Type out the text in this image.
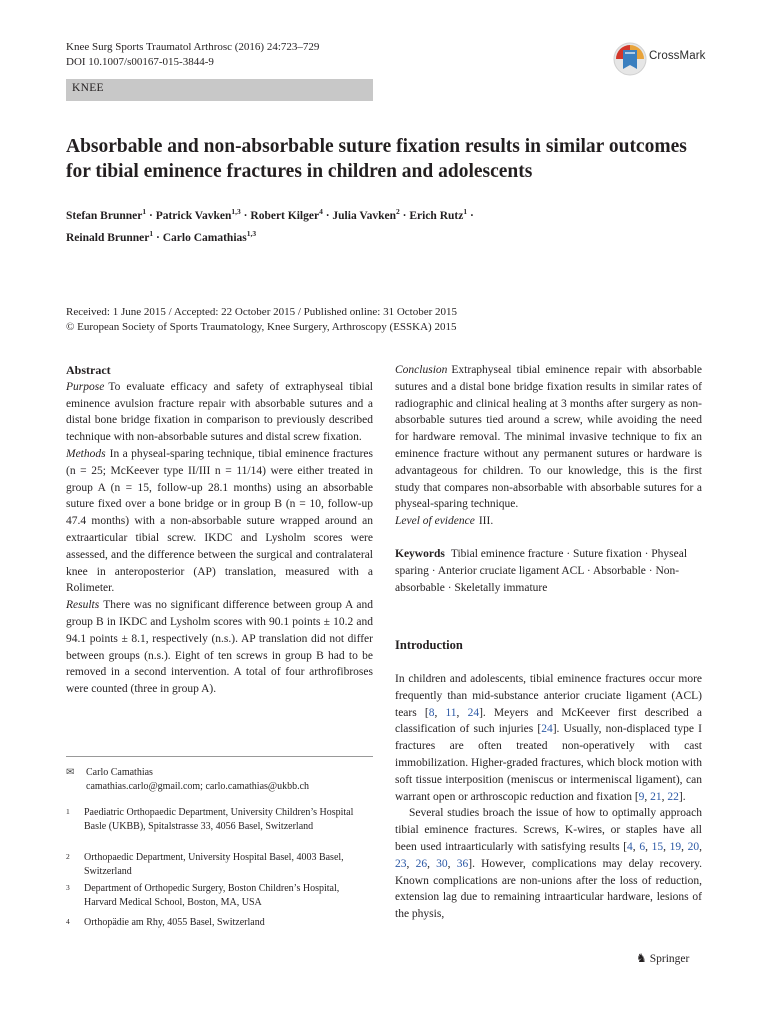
Knee Surg Sports Traumatol Arthrosc (2016) 24:723–729
DOI 10.1007/s00167-015-3844-9	CrossMark
KNEE
Absorbable and non-absorbable suture fixation results in similar outcomes for tibial eminence fractures in children and adolescents
Stefan Brunner$^1$ · Patrick Vavken$^{1,3}$ · Robert Kilger$^4$ · Julia Vavken$^2$ · Erich Rutz$^1$ ·
Reinald Brunner$^1$ · Carlo Camathias$^{1,3}$
Received: 1 June 2015 / Accepted: 22 October 2015 / Published online: 31 October 2015
© European Society of Sports Traumatology, Knee Surgery, Arthroscopy (ESSKA) 2015

Abstract

Purpose To evaluate efficacy and safety of extraphyseal tibial eminence avulsion fracture repair with absorbable sutures and a distal bone bridge fixation in comparison to previously described technique with non-absorbable sutures and distal screw fixation.

Methods In a physeal-sparing technique, tibial eminence fractures (n = 25; McKeever type II/III n = 11/14) were either treated in group A (n = 15, follow-up 28.1 months) using an absorbable suture fixed over a bone bridge or in group B (n = 10, follow-up 47.4 months) with a non-absorbable suture wrapped around an extraarticular tibial screw. IKDC and Lysholm scores were assessed, and the difference between the surgical and contralateral knee in anteroposterior (AP) translation, measured with a Rolimeter.

Results There was no significant difference between group A and group B in IKDC and Lysholm scores with 90.1 points ± 10.2 and 94.1 points ± 8.1, respectively (n.s.). AP translation did not differ between groups (n.s.). Eight of ten screws in group B had to be removed in a second intervention. A total of four arthrofibroses were counted (three in group A).

Conclusion Extraphyseal tibial eminence repair with absorbable sutures and a distal bone bridge fixation results in similar rates of radiographic and clinical healing at 3 months after surgery as non-absorbable sutures tied around a screw, while avoiding the need for hardware removal. The minimal invasive technique to fix an eminence fracture without any permanent sutures or hardware is advantageous for children. To our knowledge, this is the first study that compares non-absorbable with absorbable sutures for a physeal-sparing technique.

Level of evidence III.

Keywords Tibial eminence fracture · Suture fixation · Physeal sparing · Anterior cruciate ligament ACL · Absorbable · Non-absorbable · Skeletally immature

✉ Carlo Camathias
camathias.carlo@gmail.com; carlo.camathias@ukbb.ch
1 Paediatric Orthopaedic Department, University Children’s Hospital Basle (UKBB), Spitalstrasse 33, 4056 Basel, Switzerland
2 Orthopaedic Department, University Hospital Basel, 4003 Basel, Switzerland
3 Department of Orthopedic Surgery, Boston Children’s Hospital, Harvard Medical School, Boston, MA, USA
4 Orthopädie am Rhy, 4055 Basel, Switzerland
Introduction

In children and adolescents, tibial eminence fractures occur more frequently than mid-substance anterior cruciate ligament (ACL) tears [8, 11, 24]. Meyers and McKeever first described a classification of such injuries [24]. Usually, non-displaced type I fractures are often treated non-operatively with cast immobilization. Higher-graded fractures, which block motion with soft tissue interposition (meniscus or intermeniscal ligament), can warrant open or arthroscopic reduction and fixation [9, 21, 22].

Several studies broach the issue of how to optimally approach tibial eminence fractures. Screws, K-wires, or staples have all been used intraarticularly with satisfying results [4, 6, 15, 19, 20, 23, 26, 30, 36]. However, complications may delay recovery. Known complications are non-unions after the loss of reduction, extension lag due to remaining intraarticular hardware, lesions of the physis,

♞ Springer
